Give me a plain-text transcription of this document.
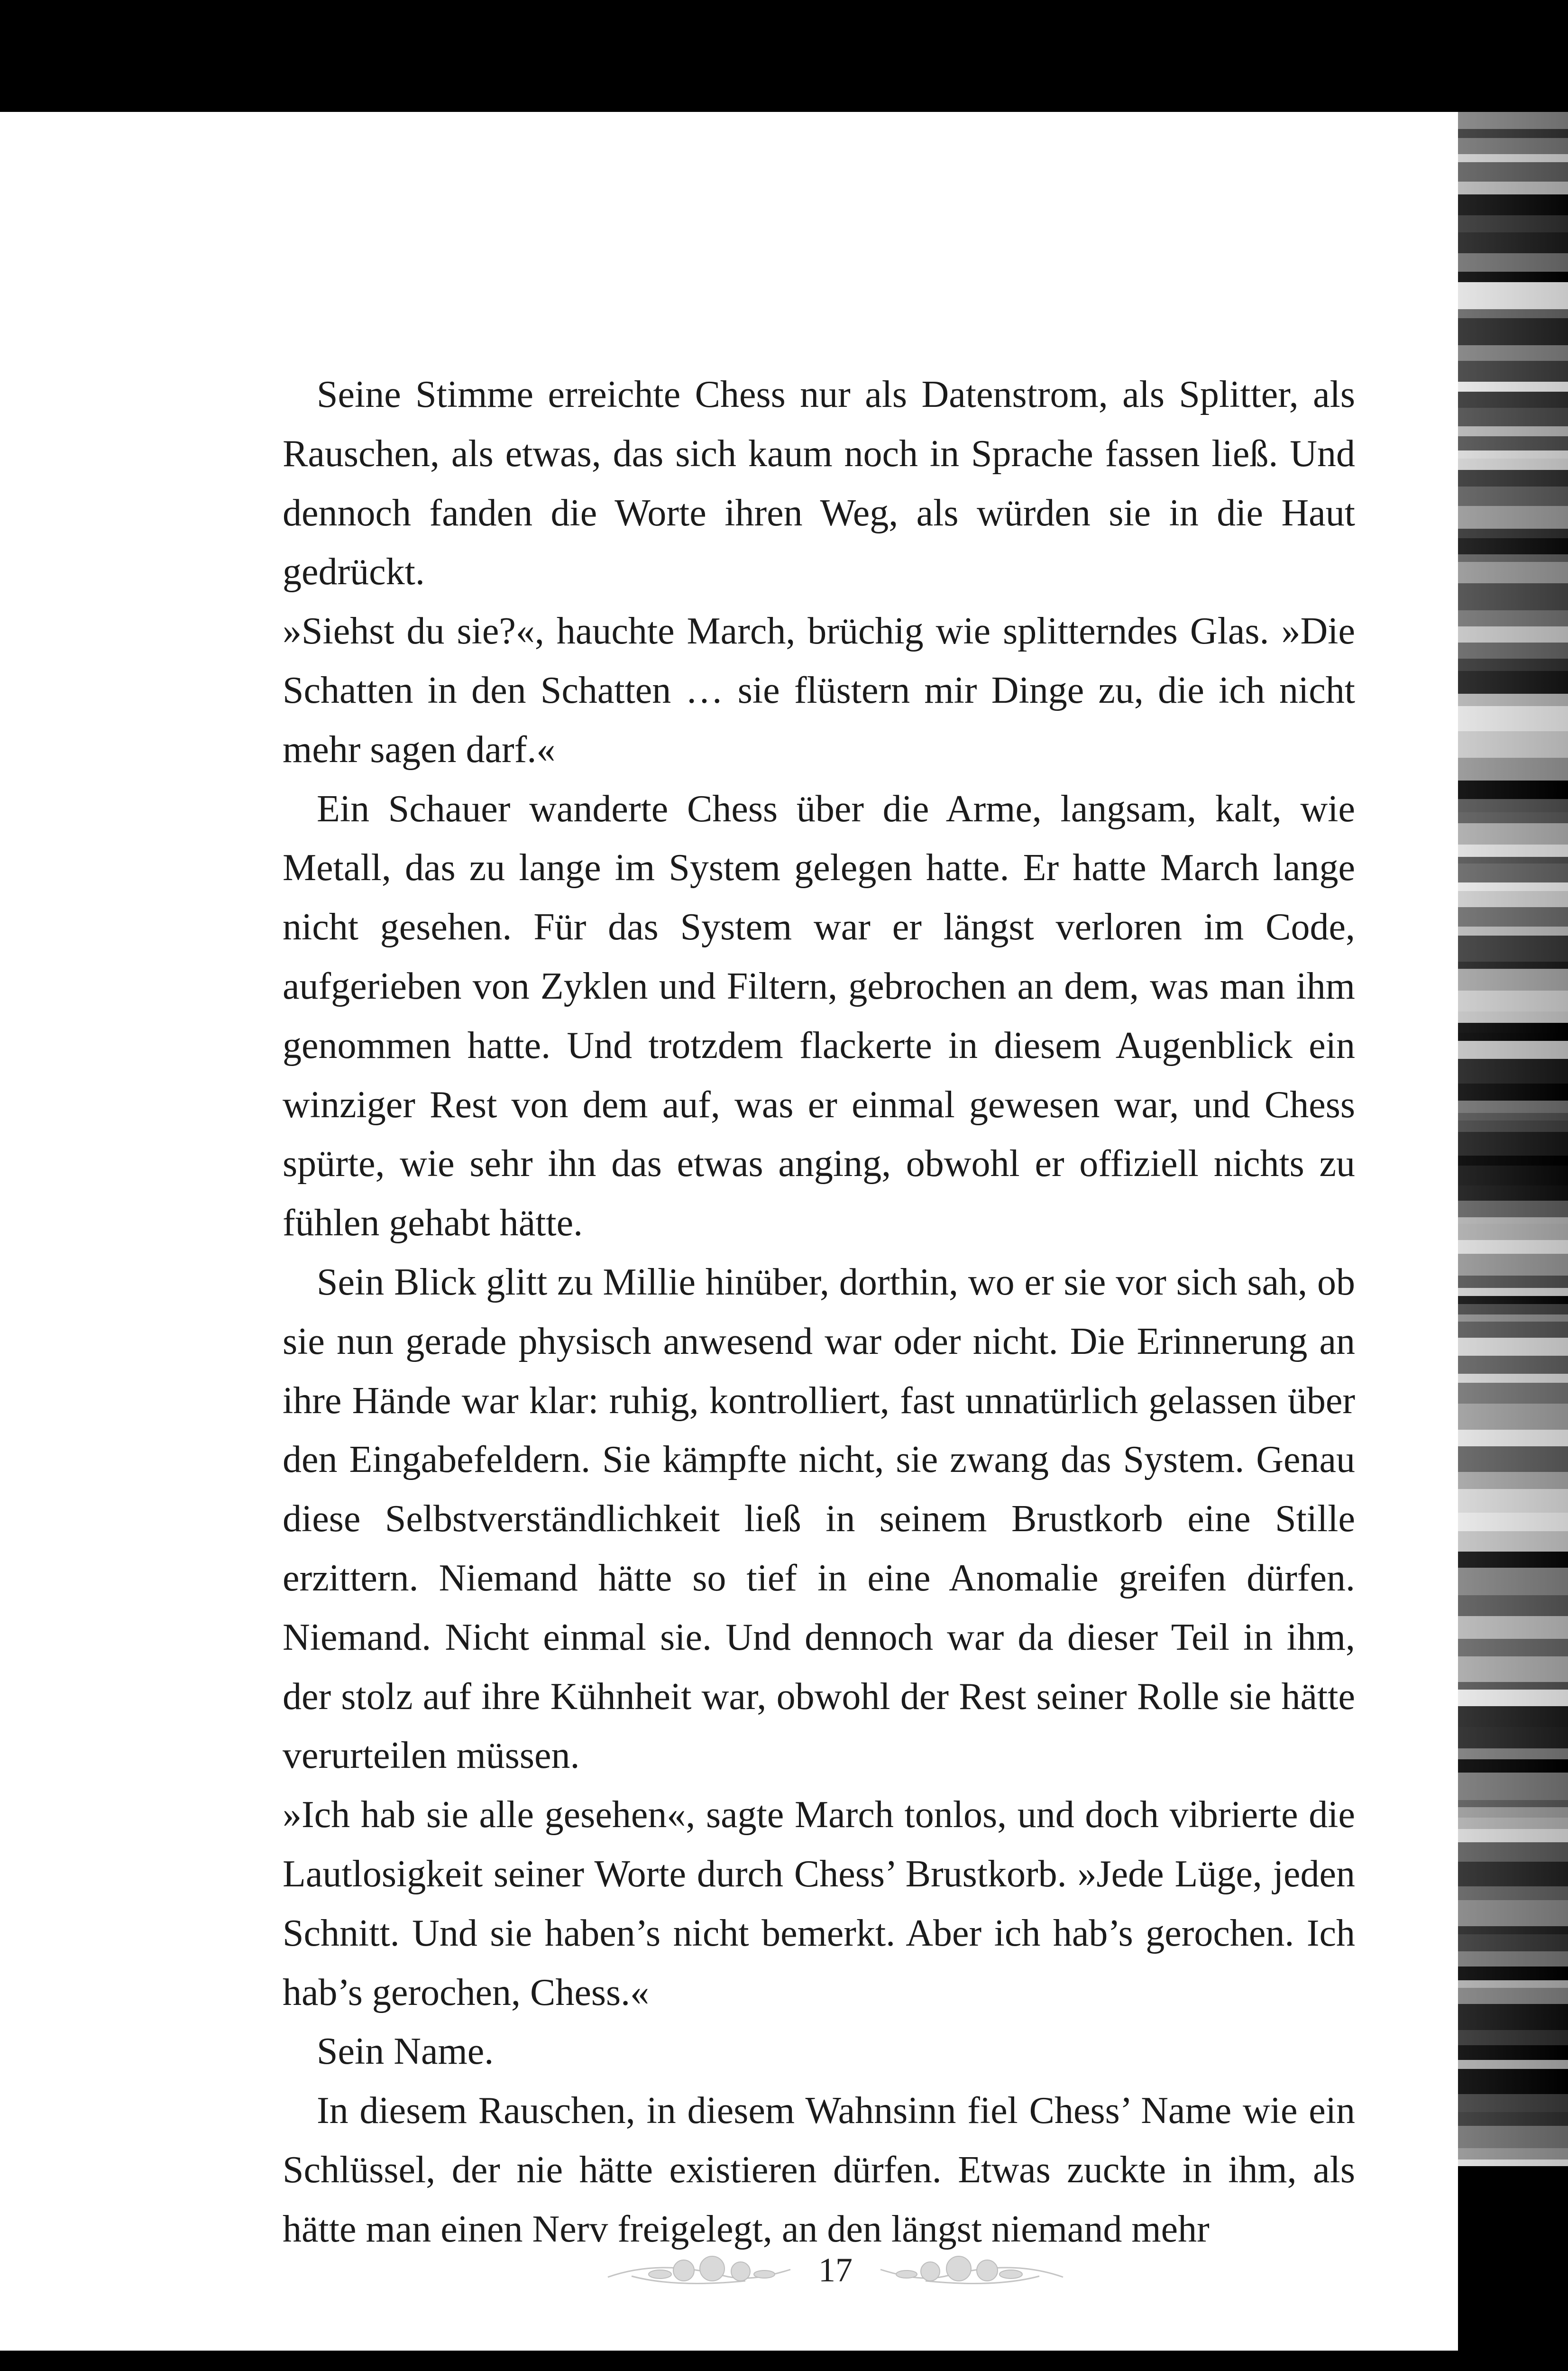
Seine Stimme erreichte Chess nur als Datenstrom, als Splitter, als Rauschen, als etwas, das sich kaum noch in Sprache fassen ließ. Und dennoch fanden die Worte ihren Weg, als würden sie in die Haut gedrückt.

»Siehst du sie?«, hauchte March, brüchig wie splitterndes Glas. »Die Schatten in den Schatten … sie flüstern mir Dinge zu, die ich nicht mehr sagen darf.«

Ein Schauer wanderte Chess über die Arme, langsam, kalt, wie Metall, das zu lange im System gelegen hatte. Er hatte March lange nicht gesehen. Für das System war er längst verloren im Code, aufgerieben von Zyklen und Filtern, gebrochen an dem, was man ihm genommen hatte. Und trotzdem flackerte in diesem Augenblick ein winziger Rest von dem auf, was er einmal gewesen war, und Chess spürte, wie sehr ihn das etwas anging, obwohl er offiziell nichts zu fühlen gehabt hätte.

Sein Blick glitt zu Millie hinüber, dorthin, wo er sie vor sich sah, ob sie nun gerade physisch anwesend war oder nicht. Die Erinnerung an ihre Hände war klar: ruhig, kontrolliert, fast unnatürlich gelassen über den Eingabefeldern. Sie kämpfte nicht, sie zwang das System. Genau diese Selbstverständlichkeit ließ in seinem Brustkorb eine Stille erzittern. Niemand hätte so tief in eine Anomalie greifen dürfen. Niemand. Nicht einmal sie. Und dennoch war da dieser Teil in ihm, der stolz auf ihre Kühnheit war, obwohl der Rest seiner Rolle sie hätte verurteilen müssen.

»Ich hab sie alle gesehen«, sagte March tonlos, und doch vibrierte die Lautlosigkeit seiner Worte durch Chess’ Brustkorb. »Jede Lüge, jeden Schnitt. Und sie haben’s nicht bemerkt. Aber ich hab’s gerochen. Ich hab’s gerochen, Chess.«

Sein Name.

In diesem Rauschen, in diesem Wahnsinn fiel Chess’ Name wie ein Schlüssel, der nie hätte existieren dürfen. Etwas zuckte in ihm, als hätte man einen Nerv freigelegt, an den längst niemand mehr

17
